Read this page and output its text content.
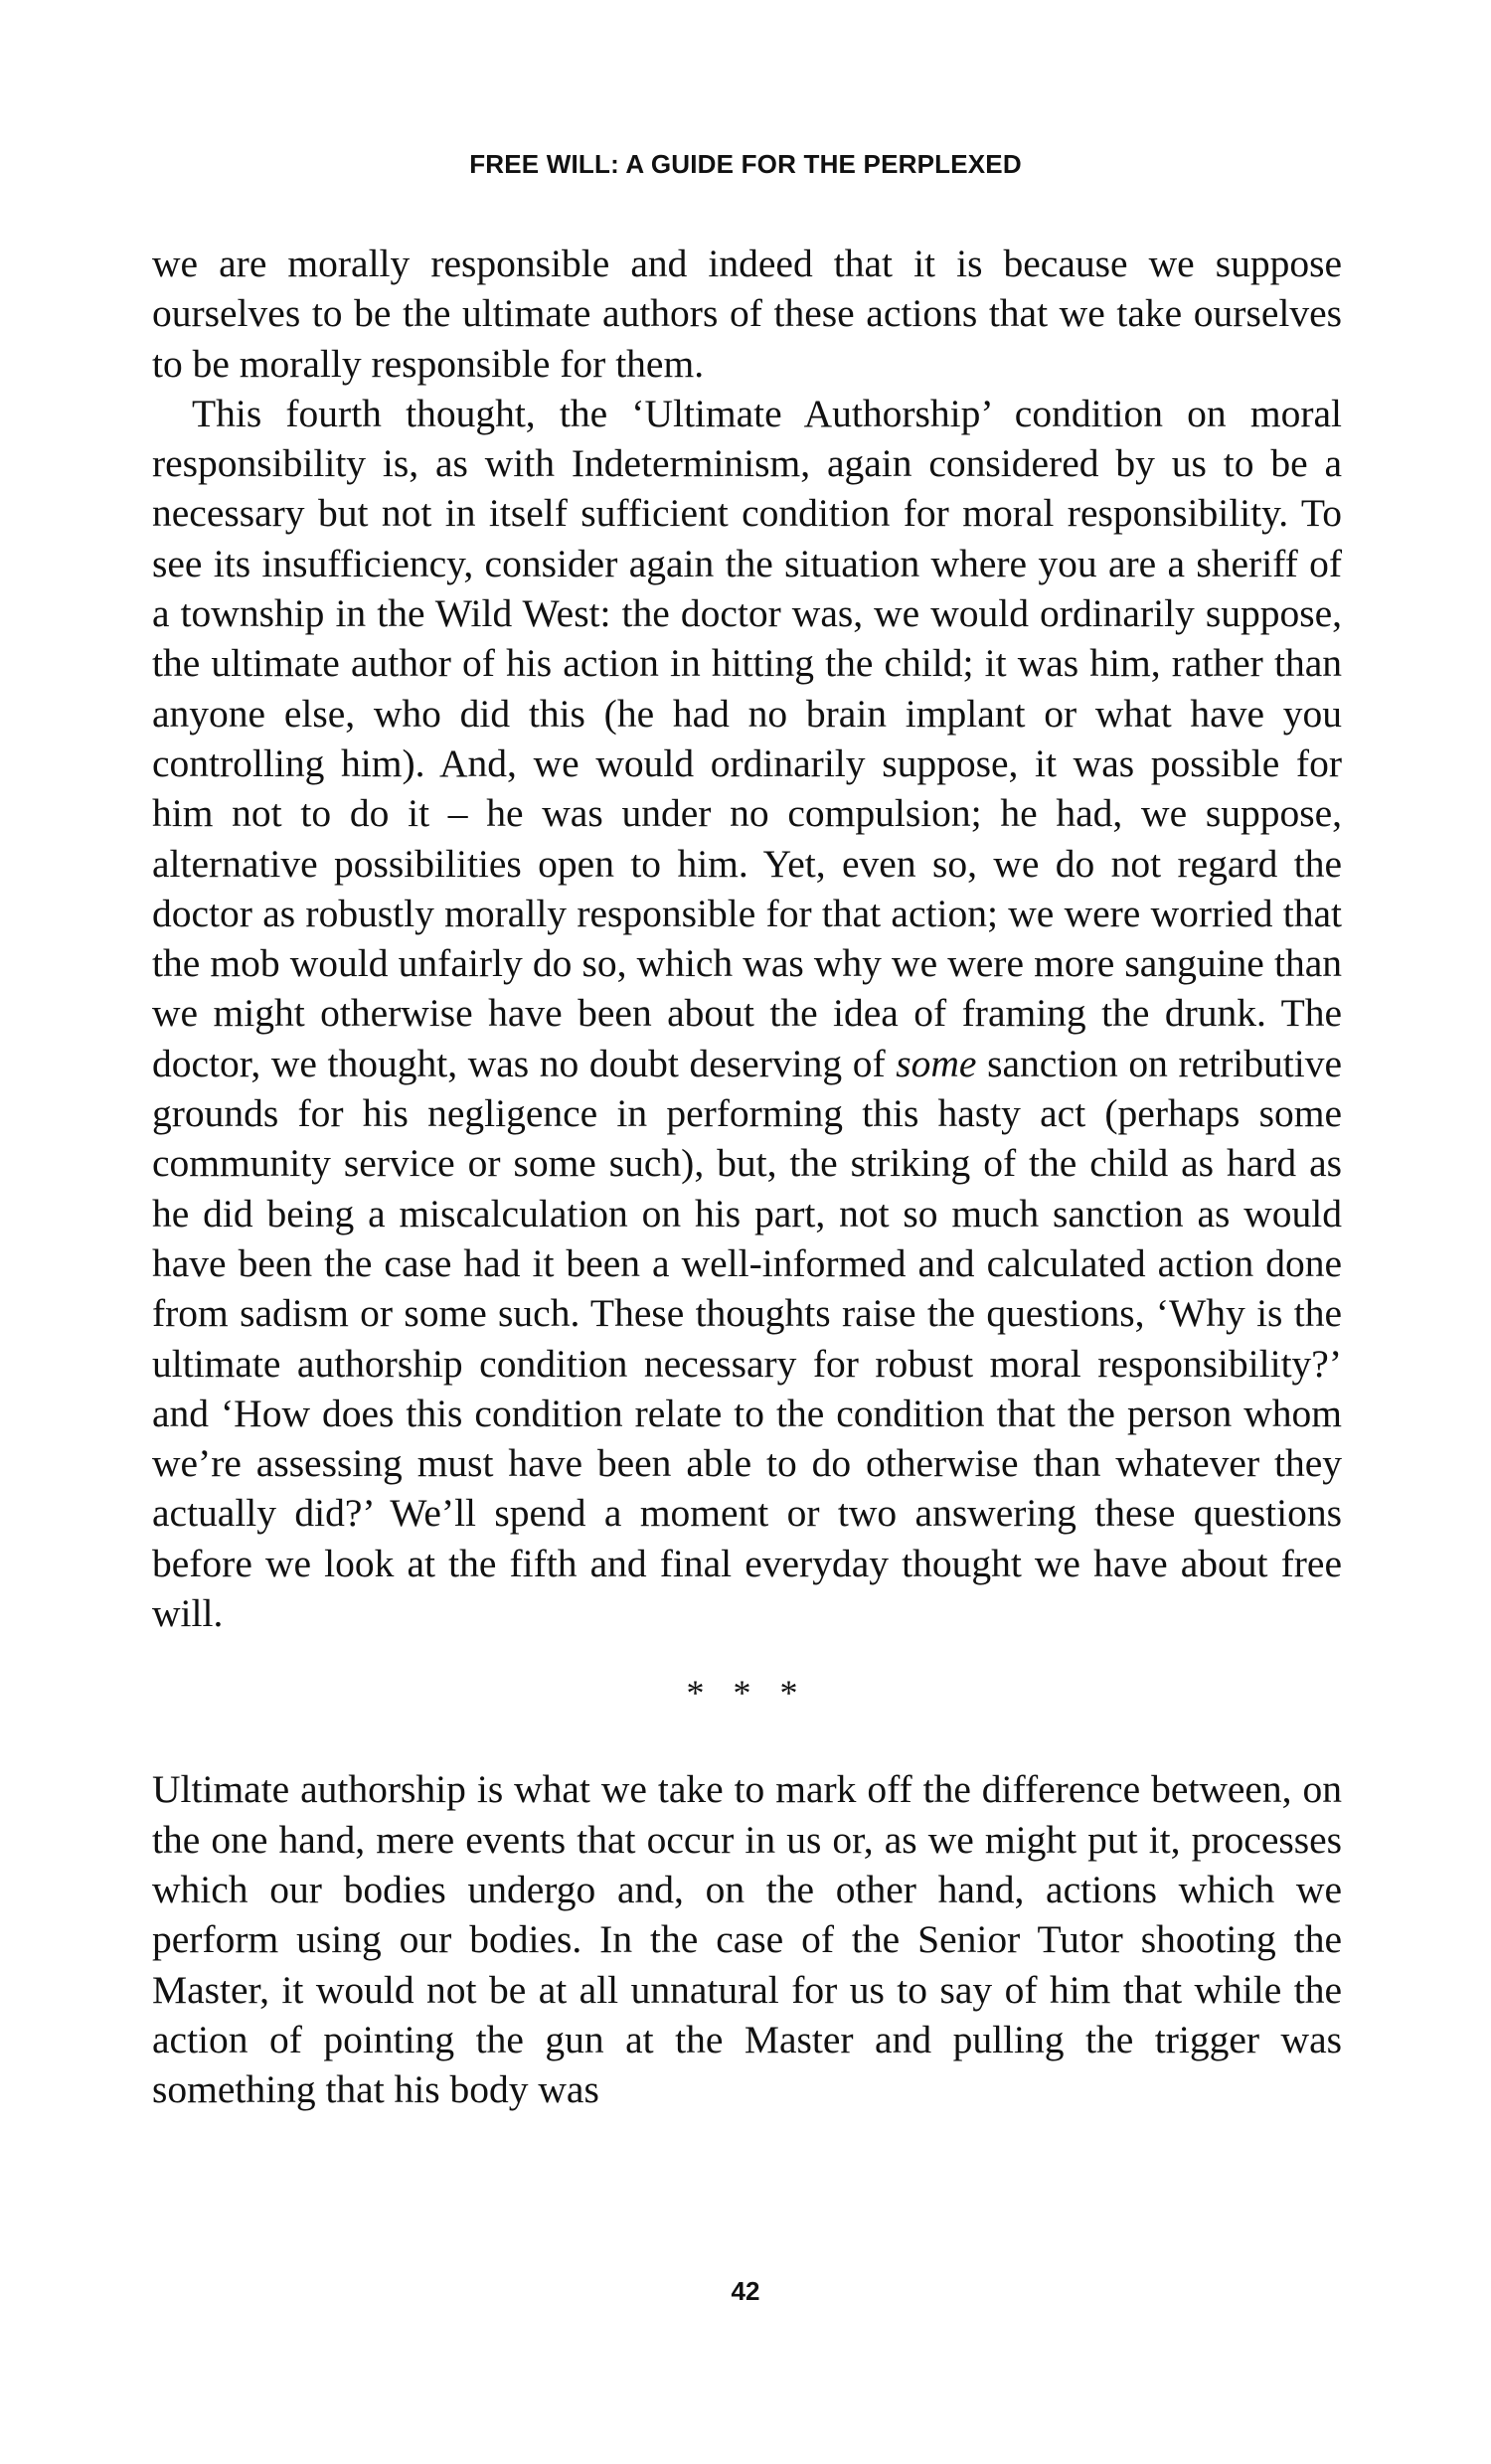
FREE WILL: A GUIDE FOR THE PERPLEXED

we are morally responsible and indeed that it is because we suppose ourselves to be the ultimate authors of these actions that we take ourselves to be morally responsible for them.

This fourth thought, the ‘Ultimate Authorship’ condition on moral responsibility is, as with Indeterminism, again considered by us to be a necessary but not in itself sufficient condition for moral responsibility. To see its insufficiency, consider again the situation where you are a sheriff of a township in the Wild West: the doctor was, we would ordinarily suppose, the ultimate author of his action in hitting the child; it was him, rather than anyone else, who did this (he had no brain implant or what have you controlling him). And, we would ordinarily suppose, it was possible for him not to do it – he was under no compulsion; he had, we suppose, alternative possibilities open to him. Yet, even so, we do not regard the doctor as robustly morally responsible for that action; we were worried that the mob would unfairly do so, which was why we were more sanguine than we might otherwise have been about the idea of framing the drunk. The doctor, we thought, was no doubt deserving of some sanction on retributive grounds for his negligence in performing this hasty act (perhaps some community service or some such), but, the striking of the child as hard as he did being a miscalculation on his part, not so much sanction as would have been the case had it been a well-informed and calculated action done from sadism or some such. These thoughts raise the questions, ‘Why is the ultimate authorship condition necessary for robust moral responsibility?’ and ‘How does this condition relate to the condition that the person whom we’re assessing must have been able to do otherwise than whatever they actually did?’ We’ll spend a moment or two answering these questions before we look at the fifth and final everyday thought we have about free will.

* * *

Ultimate authorship is what we take to mark off the difference between, on the one hand, mere events that occur in us or, as we might put it, processes which our bodies undergo and, on the other hand, actions which we perform using our bodies. In the case of the Senior Tutor shooting the Master, it would not be at all unnatural for us to say of him that while the action of pointing the gun at the Master and pulling the trigger was something that his body was

42
